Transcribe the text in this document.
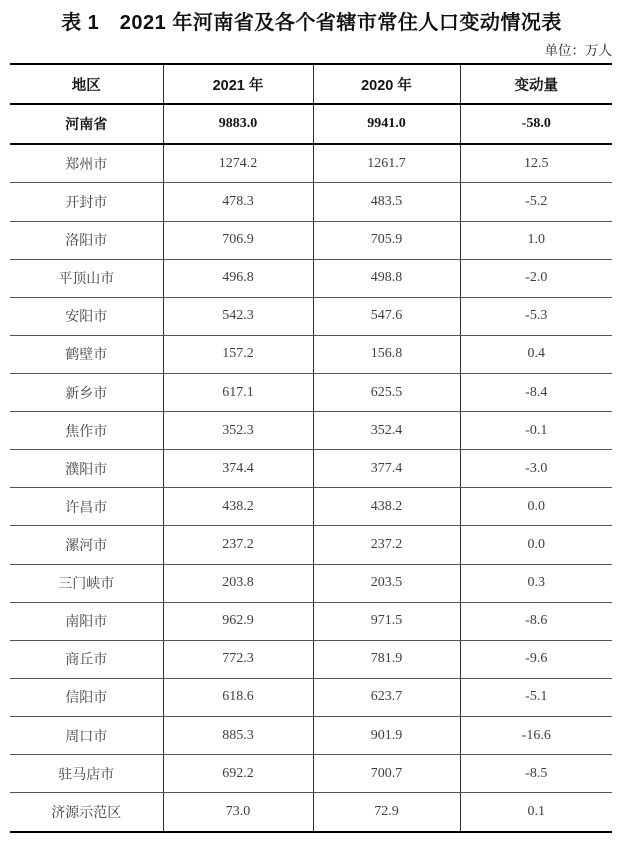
表 1　2021 年河南省及各个省辖市常住人口变动情况表
单位：万人
地区	2021 年	2020 年	变动量
河南省	9883.0	9941.0	-58.0
郑州市	1274.2	1261.7	12.5
开封市	478.3	483.5	-5.2
洛阳市	706.9	705.9	1.0
平顶山市	496.8	498.8	-2.0
安阳市	542.3	547.6	-5.3
鹤壁市	157.2	156.8	0.4
新乡市	617.1	625.5	-8.4
焦作市	352.3	352.4	-0.1
濮阳市	374.4	377.4	-3.0
许昌市	438.2	438.2	0.0
漯河市	237.2	237.2	0.0
三门峡市	203.8	203.5	0.3
南阳市	962.9	971.5	-8.6
商丘市	772.3	781.9	-9.6
信阳市	618.6	623.7	-5.1
周口市	885.3	901.9	-16.6
驻马店市	692.2	700.7	-8.5
济源示范区	73.0	72.9	0.1
